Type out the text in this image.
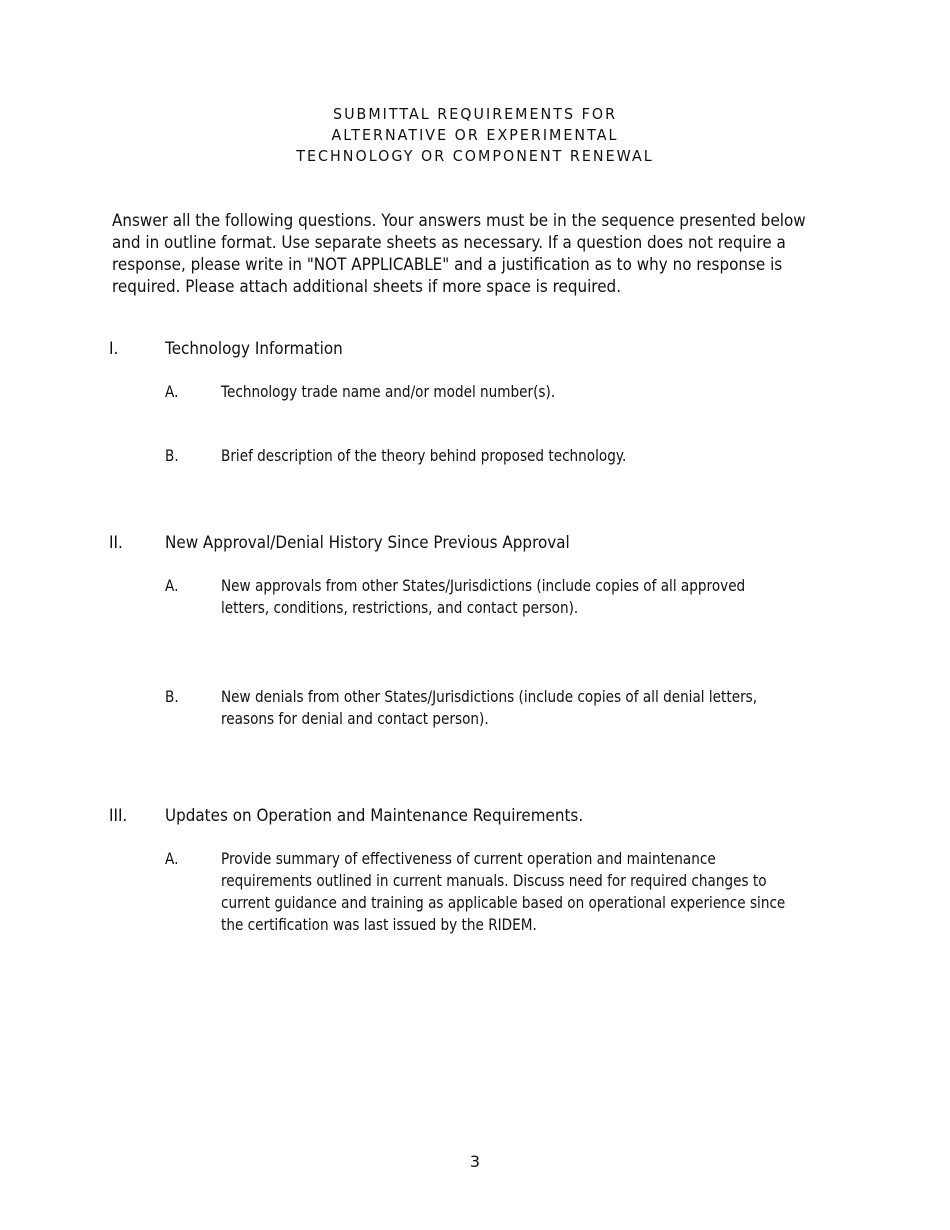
SUBMITTAL REQUIREMENTS FOR
ALTERNATIVE OR EXPERIMENTAL
TECHNOLOGY OR COMPONENT RENEWAL
Answer all the following questions. Your answers must be in the sequence presented below
and in outline format. Use separate sheets as necessary. If a question does not require a
response, please write in "NOT APPLICABLE" and a justification as to why no response is
required. Please attach additional sheets if more space is required.
I.	Technology Information
A.	Technology trade name and/or model number(s).
B.	Brief description of the theory behind proposed technology.
II.	New Approval/Denial History Since Previous Approval
A.	New approvals from other States/Jurisdictions (include copies of all approved
letters, conditions, restrictions, and contact person).
B.	New denials from other States/Jurisdictions (include copies of all denial letters,
reasons for denial and contact person).
III. Updates on Operation and Maintenance Requirements.
A.	Provide summary of effectiveness of current operation and maintenance
requirements outlined in current manuals. Discuss need for required changes to
current guidance and training as applicable based on operational experience since
the certification was last issued by the RIDEM.
3
